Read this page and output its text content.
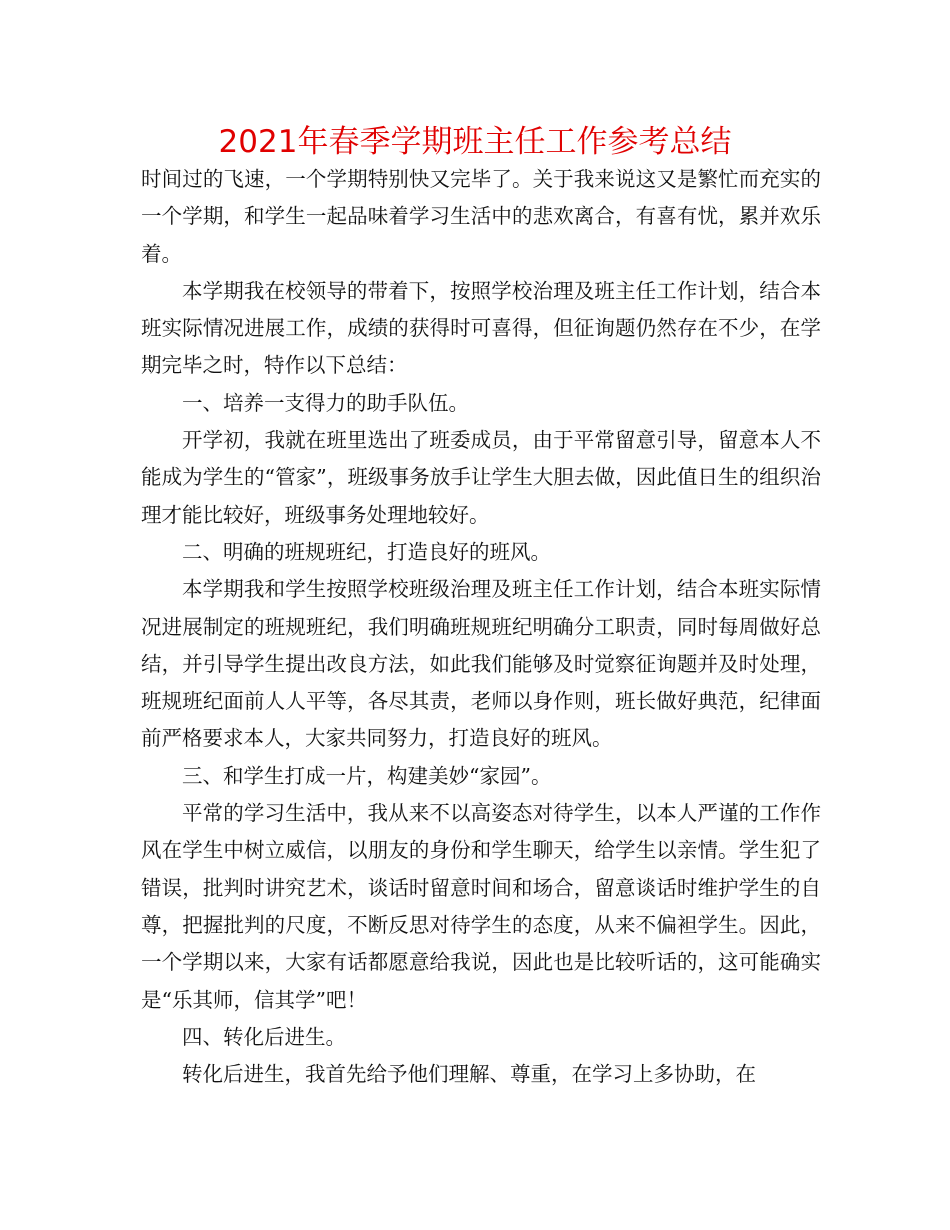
2021年春季学期班主任工作参考总结

时间过的飞速，一个学期特别快又完毕了。关于我来说这又是繁忙而充实的一个学期，和学生一起品味着学习生活中的悲欢离合，有喜有忧，累并欢乐着。

本学期我在校领导的带着下，按照学校治理及班主任工作计划，结合本班实际情况进展工作，成绩的获得时可喜得，但征询题仍然存在不少，在学期完毕之时，特作以下总结：

一、培养一支得力的助手队伍。

开学初，我就在班里选出了班委成员，由于平常留意引导，留意本人不能成为学生的“管家”，班级事务放手让学生大胆去做，因此值日生的组织治理才能比较好，班级事务处理地较好。

二、明确的班规班纪，打造良好的班风。

本学期我和学生按照学校班级治理及班主任工作计划，结合本班实际情况进展制定的班规班纪，我们明确班规班纪明确分工职责，同时每周做好总结，并引导学生提出改良方法，如此我们能够及时觉察征询题并及时处理，班规班纪面前人人平等，各尽其责，老师以身作则，班长做好典范，纪律面前严格要求本人，大家共同努力，打造良好的班风。

三、和学生打成一片，构建美妙“家园”。

平常的学习生活中，我从来不以高姿态对待学生，以本人严谨的工作作风在学生中树立威信，以朋友的身份和学生聊天，给学生以亲情。学生犯了错误，批判时讲究艺术，谈话时留意时间和场合，留意谈话时维护学生的自尊，把握批判的尺度，不断反思对待学生的态度，从来不偏袒学生。因此，一个学期以来，大家有话都愿意给我说，因此也是比较听话的，这可能确实是“乐其师，信其学”吧！

四、转化后进生。

转化后进生，我首先给予他们理解、尊重，在学习上多协助，在
